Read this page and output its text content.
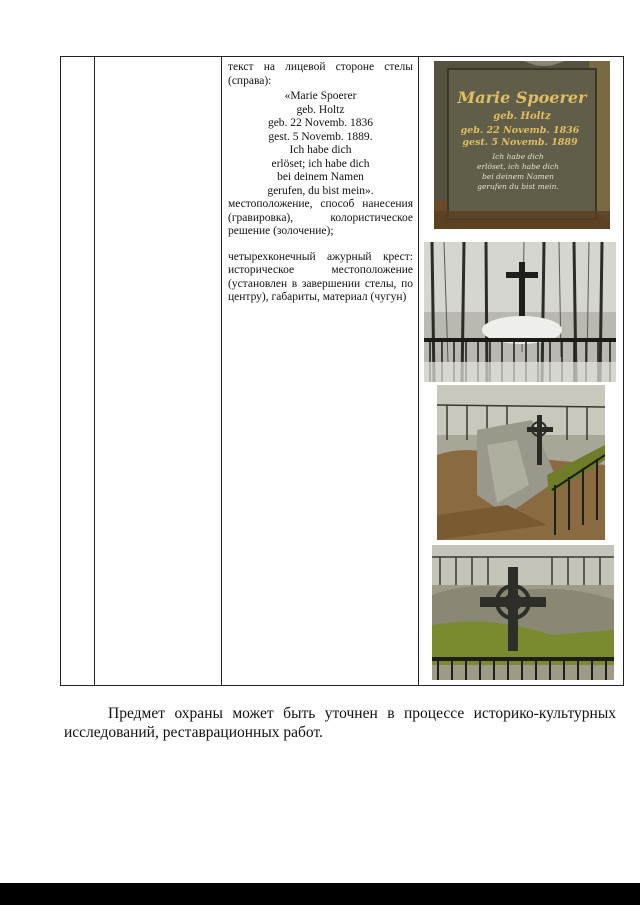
текст на лицевой стороне стелы (справа):
«Marie Spoerer
geb. Holtz
geb. 22 Novemb. 1836
gest. 5 Novemb. 1889.
Ich habe dich
erlöset; ich habe dich
bei deinem Namen
gerufen, du bist mein».
местоположение, способ нанесения (гравировка), колористическое решение (золочение);
четырехконечный ажурный крест: историческое местоположение (установлен в завершении стелы, по центру), габариты, материал (чугун)

Marie Spoerer
geb. Holtz
geb. 22 Novemb. 1836
gest. 5 Novemb. 1889
Ich habe dich
erlöset, ich habe dich
bei deinem Namen
gerufen du bist mein.
Предмет охраны может быть уточнен в процессе историко-культурных исследований, реставрационных работ.
